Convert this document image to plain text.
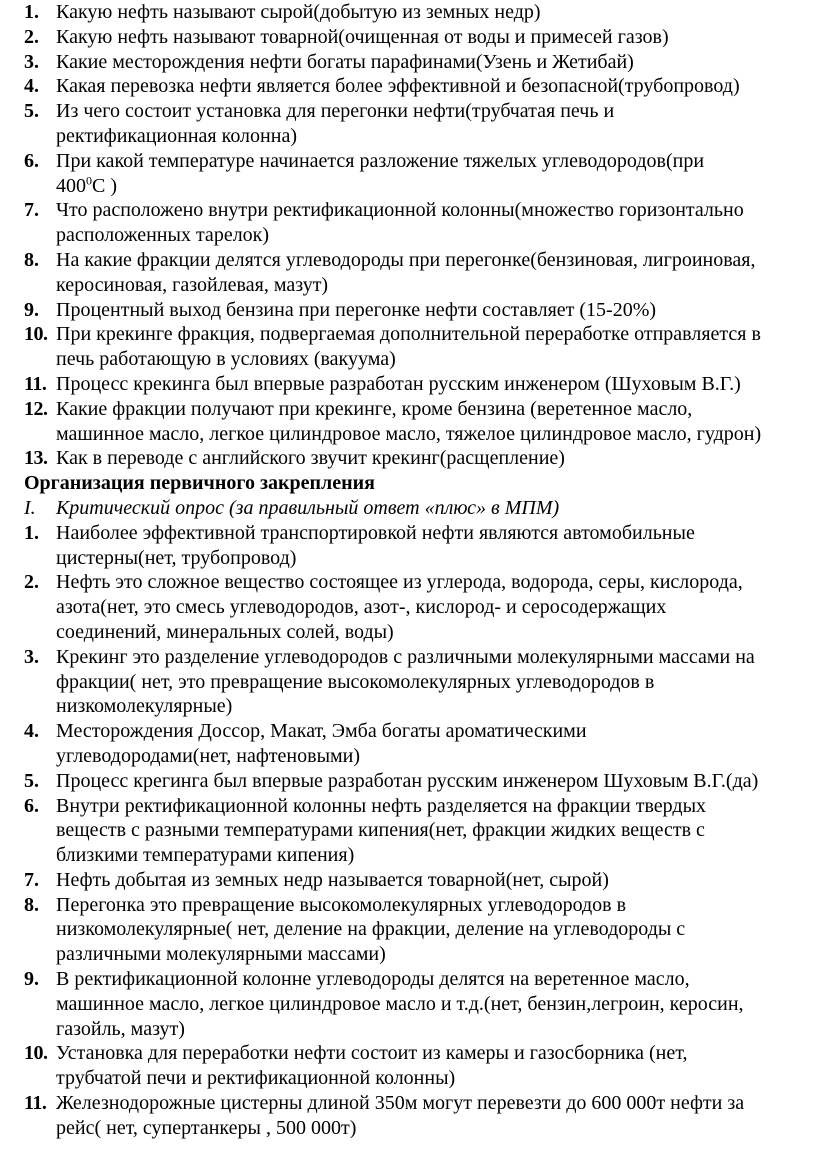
1. Какую нефть называют сырой(добытую из земных недр)
2. Какую нефть называют товарной(очищенная от воды и примесей газов)
3. Какие месторождения нефти богаты парафинами(Узень и Жетибай)
4. Какая перевозка нефти является более эффективной и безопасной(трубопровод)
5. Из чего состоит установка для перегонки нефти(трубчатая печь и
ректификационная колонна)
6. При какой температуре начинается разложение тяжелых углеводородов(при
$400^0С$ )
7. Что расположено внутри ректификационной колонны(множество горизонтально
расположенных тарелок)
8. На какие фракции делятся углеводороды при перегонке(бензиновая, лигроиновая,
керосиновая, газойлевая, мазут)
9. Процентный выход бензина при перегонке нефти составляет (15-20%)
10. При крекинге фракция, подвергаемая дополнительной переработке отправляется в
печь работающую в условиях (вакуума)
11. Процесс крекинга был впервые разработан русским инженером (Шуховым В.Г.)
12. Какие фракции получают при крекинге, кроме бензина (веретенное масло,
машинное масло, легкое цилиндровое масло, тяжелое цилиндровое масло, гудрон)
13. Как в переводе с английского звучит крекинг(расщепление)
Организация первичного закрепления
I.	Критический опрос (за правильный ответ «плюс» в МПМ)
1. Наиболее эффективной транспортировкой нефти являются автомобильные
цистерны(нет, трубопровод)
2. Нефть это сложное вещество состоящее из углерода, водорода, серы, кислорода,
азота(нет, это смесь углеводородов, азот-, кислород- и серосодержащих
соединений, минеральных солей, воды)
3. Крекинг это разделение углеводородов с различными молекулярными массами на
фракции( нет, это превращение высокомолекулярных углеводородов в
низкомолекулярные)
4. Месторождения Доссор, Макат, Эмба богаты ароматическими
углеводородами(нет, нафтеновыми)
5. Процесс крегинга был впервые разработан русским инженером Шуховым В.Г.(да)
6. Внутри ректификационной колонны нефть разделяется на фракции твердых
веществ с разными температурами кипения(нет, фракции жидких веществ с
близкими температурами кипения)
7. Нефть добытая из земных недр называется товарной(нет, сырой)
8. Перегонка это превращение высокомолекулярных углеводородов в
низкомолекулярные( нет, деление на фракции, деление на углеводороды с
различными молекулярными массами)
9. В ректификационной колонне углеводороды делятся на веретенное масло,
машинное масло, легкое цилиндровое масло и т.д.(нет, бензин,легроин, керосин,
газойль, мазут)
10. Установка для переработки нефти состоит из камеры и газосборника (нет,
трубчатой печи и ректификационной колонны)
11. Железнодорожные цистерны длиной 350м могут перевезти до 600 000т нефти за
рейс( нет, супертанкеры , 500 000т)
